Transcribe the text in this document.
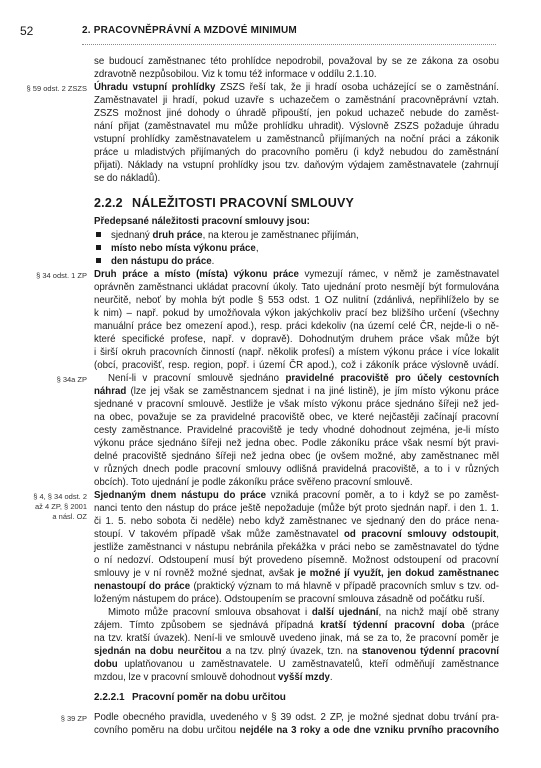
52	2. PRACOVNĚPRÁVNÍ A MZDOVÉ MINIMUM
se budoucí zaměstnanec této prohlídce nepodrobil, považoval by se ze zákona za osobu
zdravotně nezpůsobilou. Viz k tomu též informace v oddílu 2.1.10.
§ 59 odst. 2 ZSZS Úhradu vstupní prohlídky ZSZS řeší tak, že ji hradí osoba ucházející se o zaměstnání.
Zaměstnavatel ji hradí, pokud uzavře s uchazečem o zaměstnání pracovněprávní vztah.
ZSZS možnost jiné dohody o úhradě připouští, jen pokud uchazeč nebude do zaměst-
nání přijat (zaměstnavatel mu může prohlídku uhradit). Výslovně ZSZS požaduje úhradu
vstupní prohlídky zaměstnavatelem u zaměstnanců přijímaných na noční práci a zákonik
práce u mladistvých přijímaných do pracovního poměru (i když nebudou do zaměstnání
přijati). Náklady na vstupní prohlídky jsou tzv. daňovým výdajem zaměstnavatele (zahrnují
se do nákladů).
2.2.2 NÁLEŽITOSTI PRACOVNÍ SMLOUVY
Předepsané náležitosti pracovní smlouvy jsou:
sjednaný druh práce, na kterou je zaměstnanec přijímán,
místo nebo místa výkonu práce,
den nástupu do práce.
§ 34 odst. 1 ZP Druh práce a místo (místa) výkonu práce vymezují rámec, v němž je zaměstnavatel
oprávněn zaměstnanci ukládat pracovní úkoly. Tato ujednání proto nesmějí být formulována
neurčitě, neboť by mohla být podle § 553 odst. 1 OZ nulitní (zdánlivá, nepřihlíželo by se
k nim) – např. pokud by umožňovala výkon jakýchkoliv prací bez bližšího určení (všechny
manuální práce bez omezení apod.), resp. práci kdekoliv (na území celé ČR, nejde-li o ně-
které specifické profese, např. v dopravě). Dohodnutým druhem práce však může být
i širší okruh pracovních činností (např. několik profesí) a místem výkonu práce i více lokalit
(obcí, pracovišť, resp. region, popř. i území ČR apod.), což i zákoník práce výslovně uvádí.
§ 34a ZP Není-li v pracovní smlouvě sjednáno pravidelné pracoviště pro účely cestovních
náhrad (lze jej však se zaměstnancem sjednat i na jiné listině), je jím místo výkonu práce
sjednané v pracovní smlouvě. Jestliže je však místo výkonu práce sjednáno šířeji než jed-
na obec, považuje se za pravidelné pracoviště obec, ve které nejčastěji začínají pracovní
cesty zaměstnance. Pravidelné pracoviště je tedy vhodné dohodnout zejména, je-li místo
výkonu práce sjednáno šířeji než jedna obec. Podle zákoníku práce však nesmí být pravi-
delné pracoviště sjednáno šířeji než jedna obec (je ovšem možné, aby zaměstnanec měl
v různých dnech podle pracovní smlouvy odlišná pravidelná pracoviště, a to i v různých
obcích). Toto ujednání je podle zákoníku práce svěřeno pracovní smlouvě.
§ 4, § 34 odst. 2
až 4 ZP, § 2001
a násl. OZ
Sjednaným dnem nástupu do práce vzniká pracovní poměr, a to i když se po zaměst-
nanci tento den nástup do práce ještě nepožaduje (může být proto sjednán např. i den 1. 1.
či 1. 5. nebo sobota či neděle) nebo když zaměstnanec ve sjednaný den do práce nena-
stoupí. V takovém případě však může zaměstnavatel od pracovní smlouvy odstoupit,
jestliže zaměstnanci v nástupu nebránila překážka v práci nebo se zaměstnavatel do týdne
o ní nedozví. Odstoupení musí být provedeno písemně. Možnost odstoupení od pracovní
smlouvy je v ní rovněž možné sjednat, avšak je možné jí využít, jen dokud zaměstnanec
nenastoupí do práce (praktický význam to má hlavně v případě pracovních smluv s tzv. od-
loženým nástupem do práce). Odstoupením se pracovní smlouva zásadně od počátku ruší.
Mimoto může pracovní smlouva obsahovat i další ujednání, na nichž mají obě strany
zájem. Tímto způsobem se sjednává případná kratší týdenní pracovní doba (práce
na tzv. kratší úvazek). Není-li ve smlouvě uvedeno jinak, má se za to, že pracovní poměr je
sjednán na dobu neurčitou a na tzv. plný úvazek, tzn. na stanovenou týdenní pracovní
dobu uplatňovanou u zaměstnavatele. U zaměstnavatelů, kteří odměňují zaměstnance
mzdou, lze v pracovní smlouvě dohodnout vyšší mzdy.
2.2.2.1 Pracovní poměr na dobu určitou
§ 39 ZP Podle obecného pravidla, uvedeného v § 39 odst. 2 ZP, je možné sjednat dobu trvání pra-
covního poměru na dobu určitou nejdéle na 3 roky a ode dne vzniku prvního pracovního
